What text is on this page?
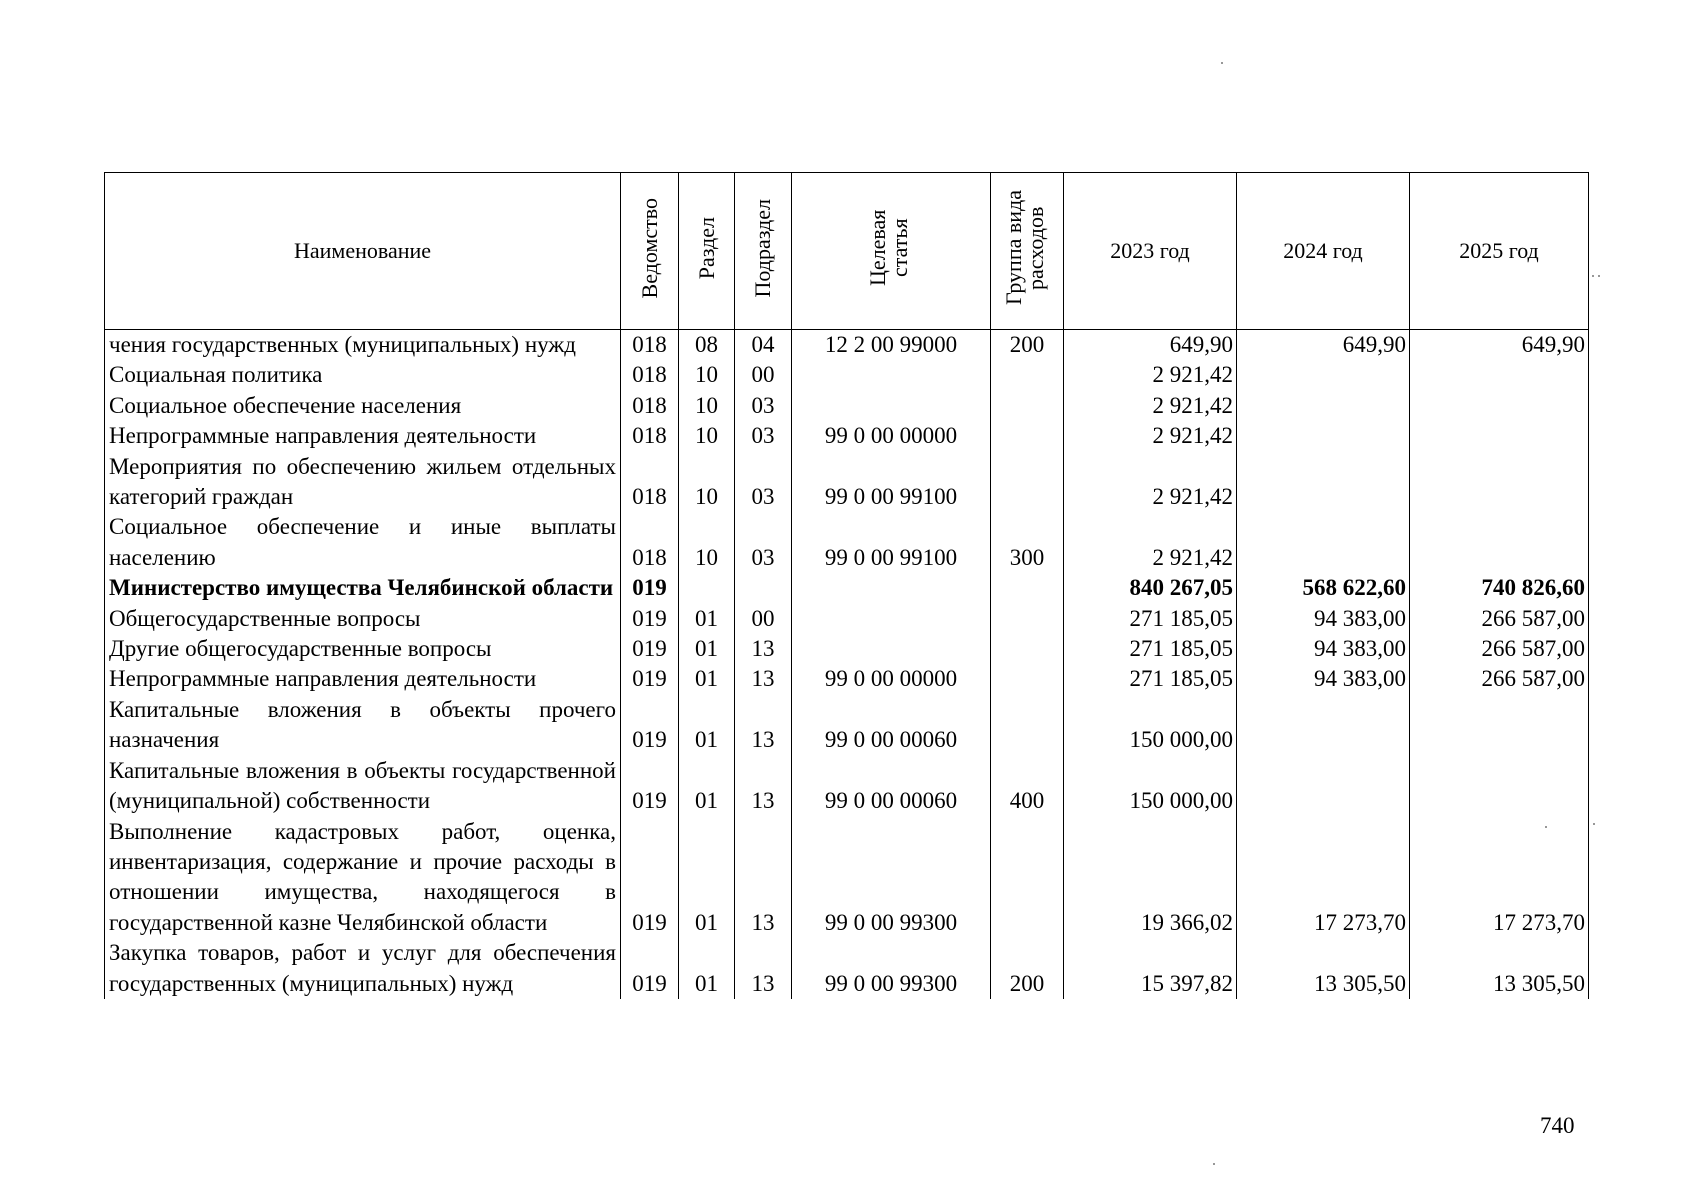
Наименование	Ведомство	Раздел	Подраздел	Целевая статья	Группа вида расходов	2023 год	2024 год	2025 год
чения государственных (муниципальных) нужд	018	08	04	12 2 00 99000	200	649,90	649,90	649,90
Социальная политика	018	10	00			2 921,42		
Социальное обеспечение населения	018	10	03			2 921,42		
Непрограммные направления деятельности	018	10	03	99 0 00 00000		2 921,42		
Мероприятия по обеспечению жильем отдельных категорий граждан	018	10	03	99 0 00 99100		2 921,42		
Социальное обеспечение и иные выплаты населению	018	10	03	99 0 00 99100	300	2 921,42		
Министерство имущества Челябинской области	019					840 267,05	568 622,60	740 826,60
Общегосударственные вопросы	019	01	00			271 185,05	94 383,00	266 587,00
Другие общегосударственные вопросы	019	01	13			271 185,05	94 383,00	266 587,00
Непрограммные направления деятельности	019	01	13	99 0 00 00000		271 185,05	94 383,00	266 587,00
Капитальные вложения в объекты прочего назначения	019	01	13	99 0 00 00060		150 000,00		
Капитальные вложения в объекты государственной (муниципальной) собственности	019	01	13	99 0 00 00060	400	150 000,00		
Выполнение кадастровых работ, оценка, инвентаризация, содержание и прочие расходы в отношении имущества, находящегося в государственной казне Челябинской области	019	01	13	99 0 00 99300		19 366,02	17 273,70	17 273,70
Закупка товаров, работ и услуг для обеспечения государственных (муниципальных) нужд	019	01	13	99 0 00 99300	200	15 397,82	13 305,50	13 305,50
740
